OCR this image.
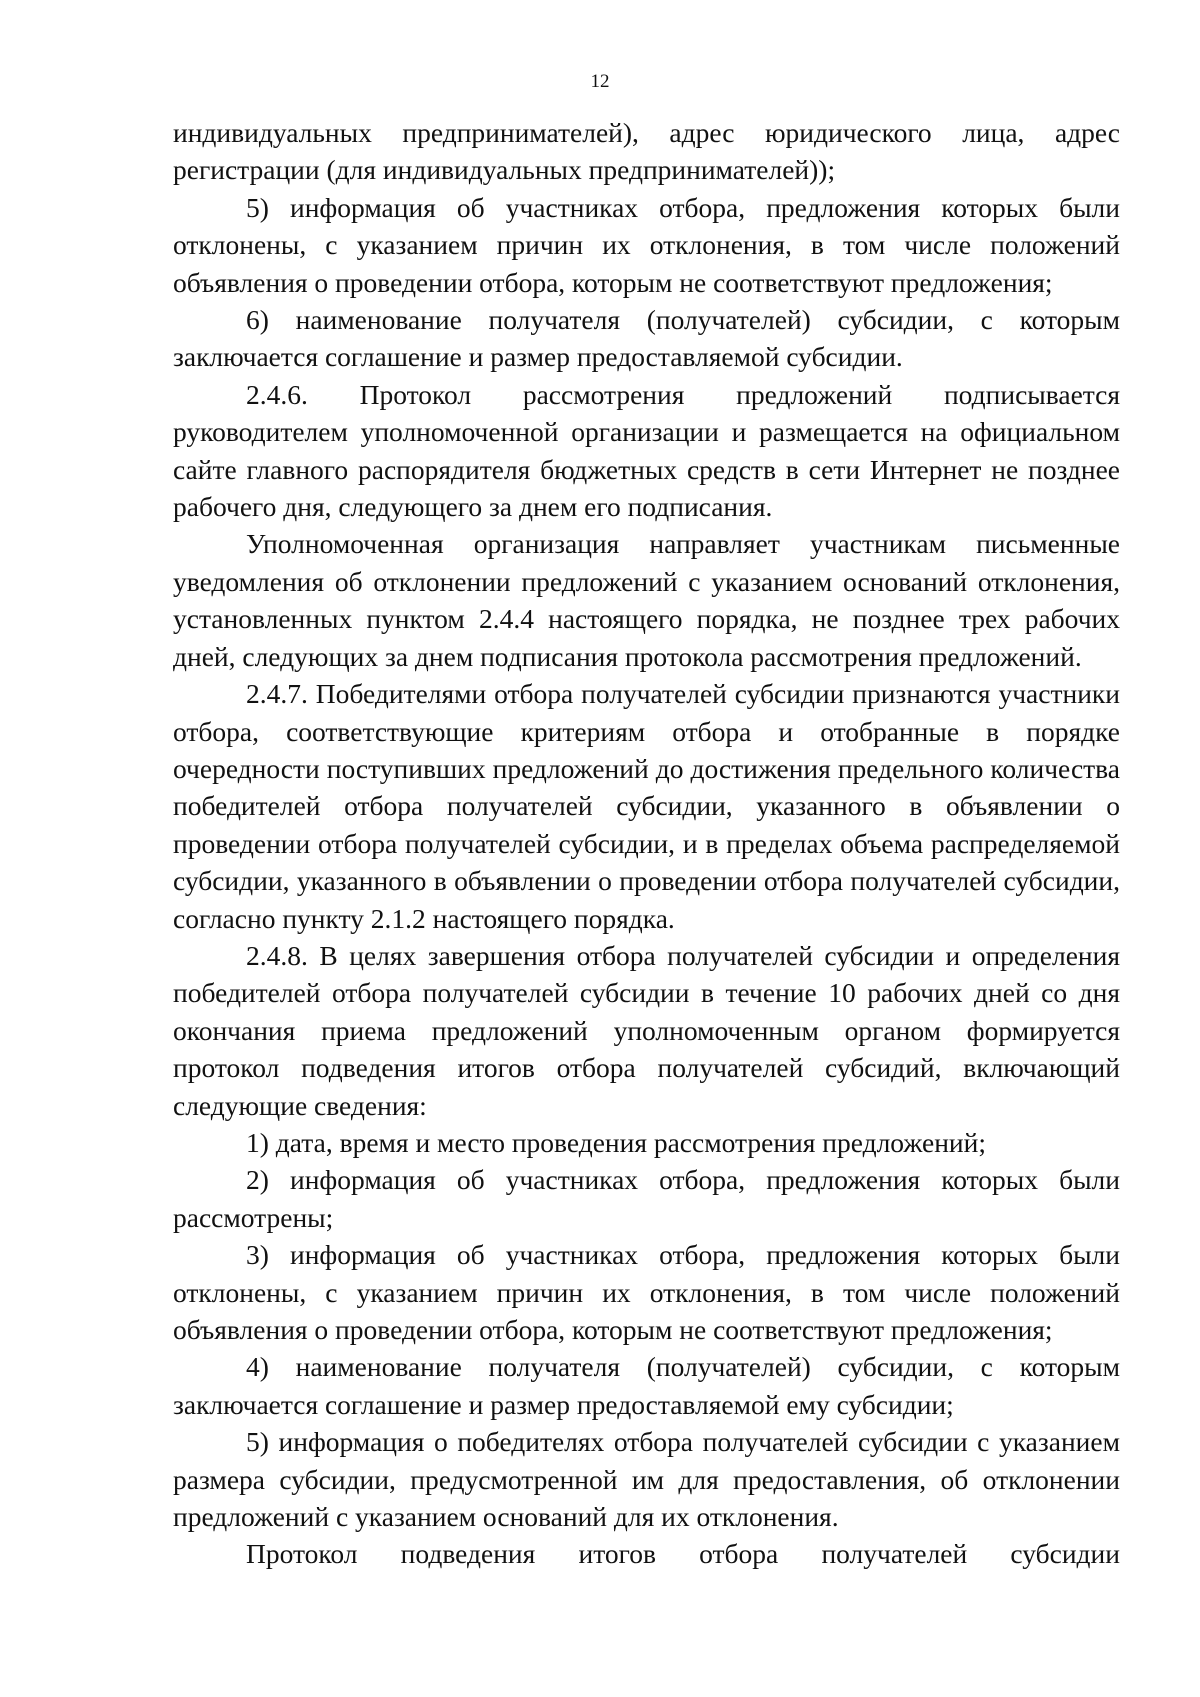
12

индивидуальных предпринимателей), адрес юридического лица, адрес регистрации (для индивидуальных предпринимателей));

5) информация об участниках отбора, предложения которых были отклонены, с указанием причин их отклонения, в том числе положений объявления о проведении отбора, которым не соответствуют предложения;

6) наименование получателя (получателей) субсидии, с которым заключается соглашение и размер предоставляемой субсидии.

2.4.6. Протокол рассмотрения предложений подписывается руководителем уполномоченной организации и размещается на официальном сайте главного распорядителя бюджетных средств в сети Интернет не позднее рабочего дня, следующего за днем его подписания.

Уполномоченная организация направляет участникам письменные уведомления об отклонении предложений с указанием оснований отклонения, установленных пунктом 2.4.4 настоящего порядка, не позднее трех рабочих дней, следующих за днем подписания протокола рассмотрения предложений.

2.4.7. Победителями отбора получателей субсидии признаются участники отбора, соответствующие критериям отбора и отобранные в порядке очередности поступивших предложений до достижения предельного количества победителей отбора получателей субсидии, указанного в объявлении о проведении отбора получателей субсидии, и в пределах объема распределяемой субсидии, указанного в объявлении о проведении отбора получателей субсидии, согласно пункту 2.1.2 настоящего порядка.

2.4.8. В целях завершения отбора получателей субсидии и определения победителей отбора получателей субсидии в течение 10 рабочих дней со дня окончания приема предложений уполномоченным органом формируется протокол подведения итогов отбора получателей субсидий, включающий следующие сведения:

1) дата, время и место проведения рассмотрения предложений;

2) информация об участниках отбора, предложения которых были рассмотрены;

3) информация об участниках отбора, предложения которых были отклонены, с указанием причин их отклонения, в том числе положений объявления о проведении отбора, которым не соответствуют предложения;

4) наименование получателя (получателей) субсидии, с которым заключается соглашение и размер предоставляемой ему субсидии;

5) информация о победителях отбора получателей субсидии с указанием размера субсидии, предусмотренной им для предоставления, об отклонении предложений с указанием оснований для их отклонения.

Протокол подведения итогов отбора получателей субсидии
